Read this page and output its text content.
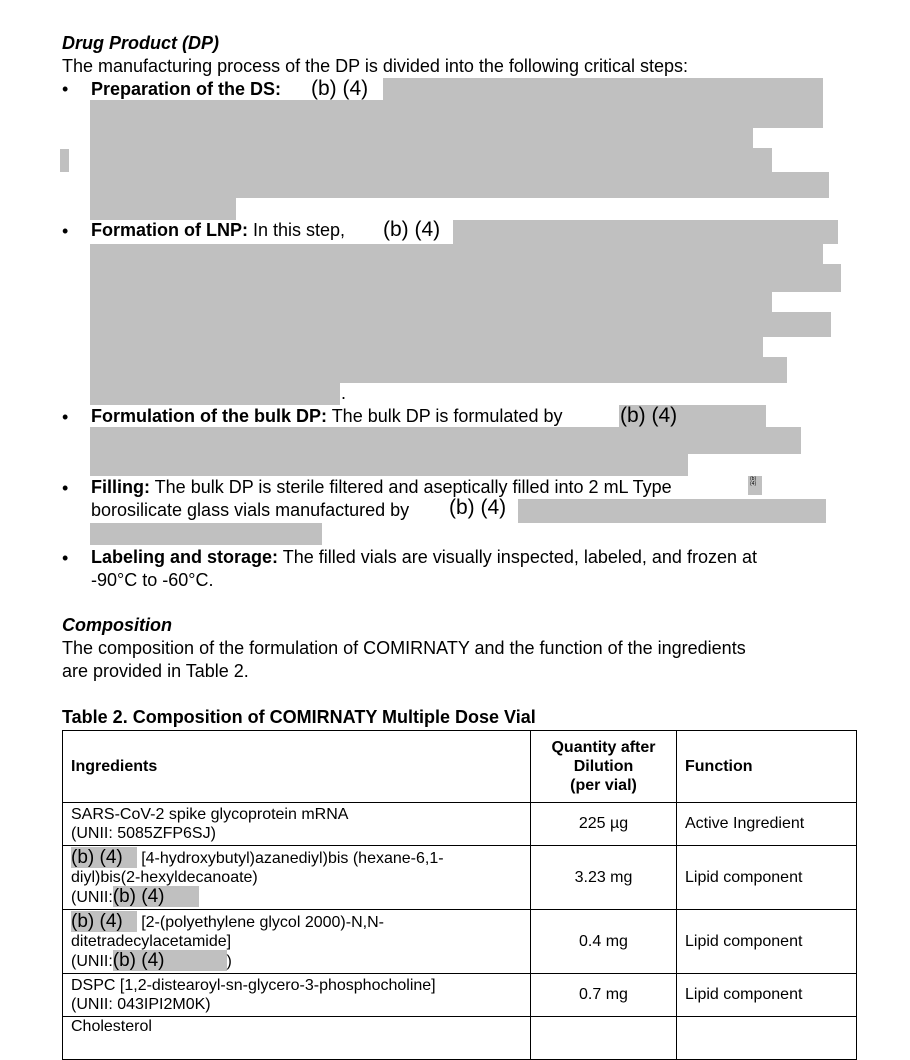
Drug Product (DP)
The manufacturing process of the DP is divided into the following critical steps:
• Preparation of the DS: (b) (4)
• Formation of LNP: In this step, (b) (4)
.
• Formulation of the bulk DP: The bulk DP is formulated by	(b) (4)
• Filling: The bulk DP is sterile filtered and aseptically filled into 2 mL Type	(b)
(4)
borosilicate glass vials manufactured by (b) (4)
• Labeling and storage: The filled vials are visually inspected, labeled, and frozen at
-90°C to -60°C.
Composition
The composition of the formulation of COMIRNATY and the function of the ingredients
are provided in Table 2.
Table 2. Composition of COMIRNATY Multiple Dose Vial
Ingredients	Quantity after
Dilution
(per vial)	Function

SARS-CoV-2 spike glycoprotein mRNA
(UNII: 5085ZFP6SJ)	225 µg	Active Ingredient

(b) (4) [4-hydroxybutyl)azanediyl)bis (hexane-6,1-
diyl)bis(2-hexyldecanoate)
(UNII:(b) (4)	3.23 mg	Lipid component

(b) (4) [2-(polyethylene glycol 2000)-N,N-
ditetradecylacetamide]
(UNII:(b) (4) )	0.4 mg	Lipid component

DSPC [1,2-distearoyl-sn-glycero-3-phosphocholine]
(UNII: 043IPI2M0K)	0.7 mg	Lipid component

Cholesterol		
